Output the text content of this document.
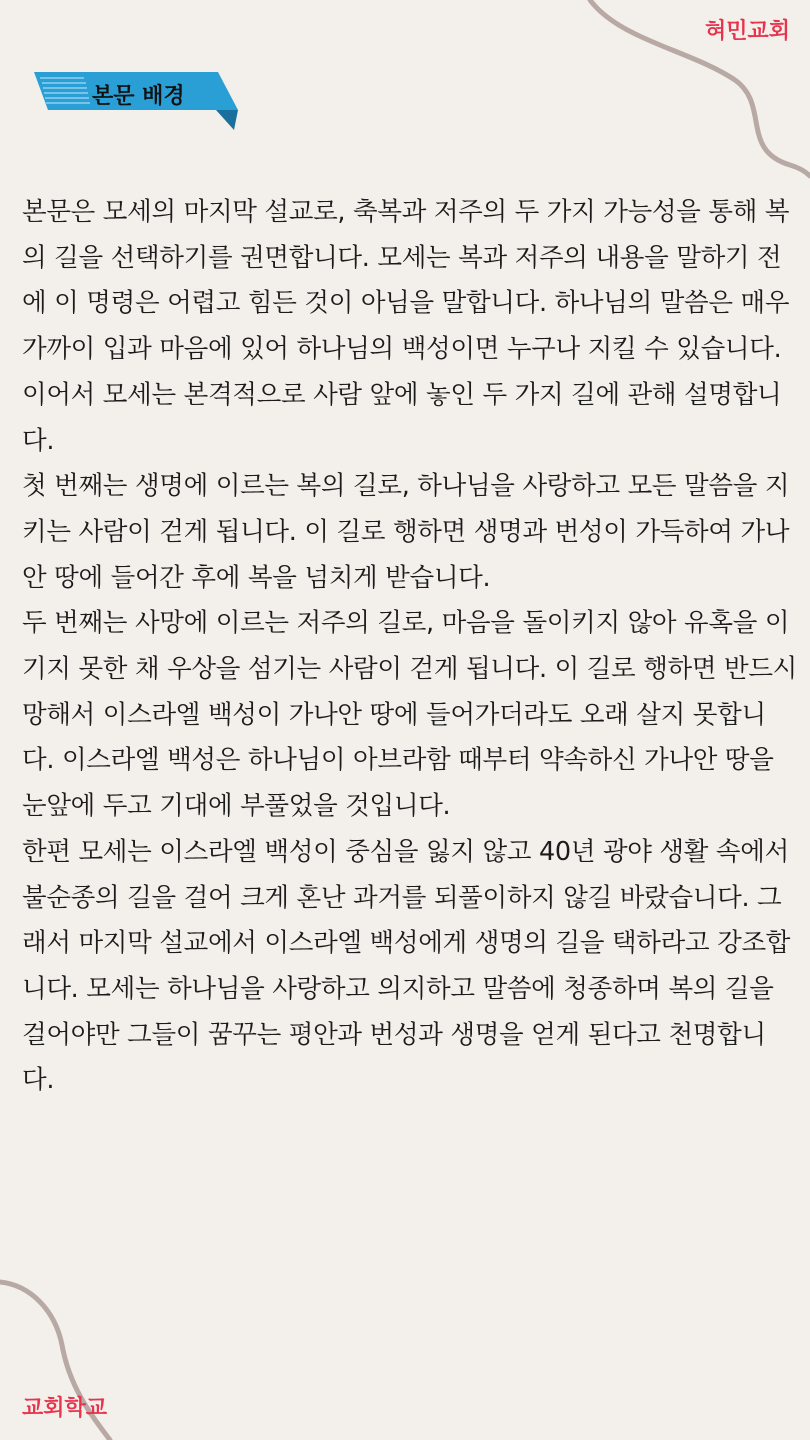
혀민교회
본문 배경

본문은 모세의 마지막 설교로, 축복과 저주의 두 가지 가능성을 통해 복의 길을 선택하기를 권면합니다. 모세는 복과 저주의 내용을 말하기 전에 이 명령은 어렵고 힘든 것이 아님을 말합니다. 하나님의 말씀은 매우 가까이 입과 마음에 있어 하나님의 백성이면 누구나 지킬 수 있습니다. 이어서 모세는 본격적으로 사람 앞에 놓인 두 가지 길에 관해 설명합니다.

첫 번째는 생명에 이르는 복의 길로, 하나님을 사랑하고 모든 말씀을 지키는 사람이 걷게 됩니다. 이 길로 행하면 생명과 번성이 가득하여 가나안 땅에 들어간 후에 복을 넘치게 받습니다.

두 번째는 사망에 이르는 저주의 길로, 마음을 돌이키지 않아 유혹을 이기지 못한 채 우상을 섬기는 사람이 걷게 됩니다. 이 길로 행하면 반드시 망해서 이스라엘 백성이 가나안 땅에 들어가더라도 오래 살지 못합니다. 이스라엘 백성은 하나님이 아브라함 때부터 약속하신 가나안 땅을 눈앞에 두고 기대에 부풀었을 것입니다.

한편 모세는 이스라엘 백성이 중심을 잃지 않고 40년 광야 생활 속에서 불순종의 길을 걸어 크게 혼난 과거를 되풀이하지 않길 바랐습니다. 그래서 마지막 설교에서 이스라엘 백성에게 생명의 길을 택하라고 강조합니다. 모세는 하나님을 사랑하고 의지하고 말씀에 청종하며 복의 길을 걸어야만 그들이 꿈꾸는 평안과 번성과 생명을 얻게 된다고 천명합니다.

교회학교
